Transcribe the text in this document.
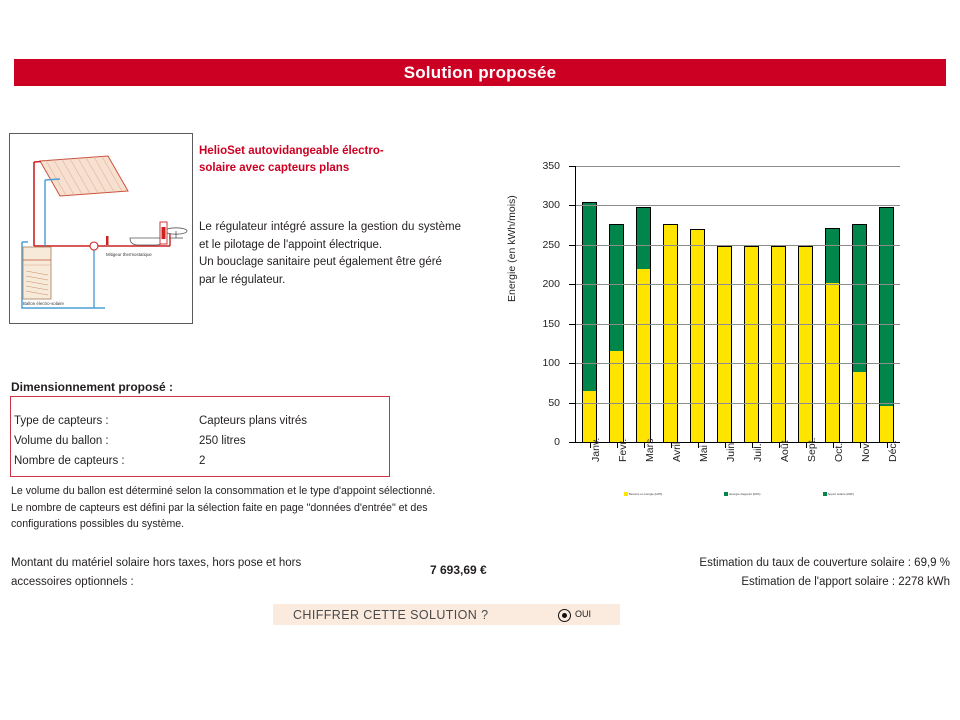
Solution proposée
Ballon électro-solaire
Mitigeur thermostatique
HelioSet autovidangeable électro-
solaire avec capteurs plans

Le régulateur intégré assure la gestion du système et le pilotage de l'appoint électrique.

Un bouclage sanitaire peut également être géré par le régulateur.

Dimensionnement proposé :
Type de capteurs :	Capteurs plans vitrés
Volume du ballon :	250 litres
Nombre de capteurs :	2
Le volume du ballon est déterminé selon la consommation et le type d'appoint sélectionné.
Le nombre de capteurs est défini par la sélection faite en page "données d'entrée" et des
configurations possibles du système.
Montant du matériel solaire hors taxes, hors pose et hors
accessoires optionnels :
7 693,69 €
CHIFFRER CETTE SOLUTION ?	OUI
Energie (en kWh/mois)
Janv. Fevr. Mars Avril Mai Juin Juil. Août Sept. Oct. Nov. Déc.
0
50
100
150
200
250
300
350
Besoins en énergie (kWh)	Energie d'appoint (kWh)	Apport solaire (kWh)
Estimation du taux de couverture solaire : 69,9 %
Estimation de l'apport solaire : 2278 kWh
